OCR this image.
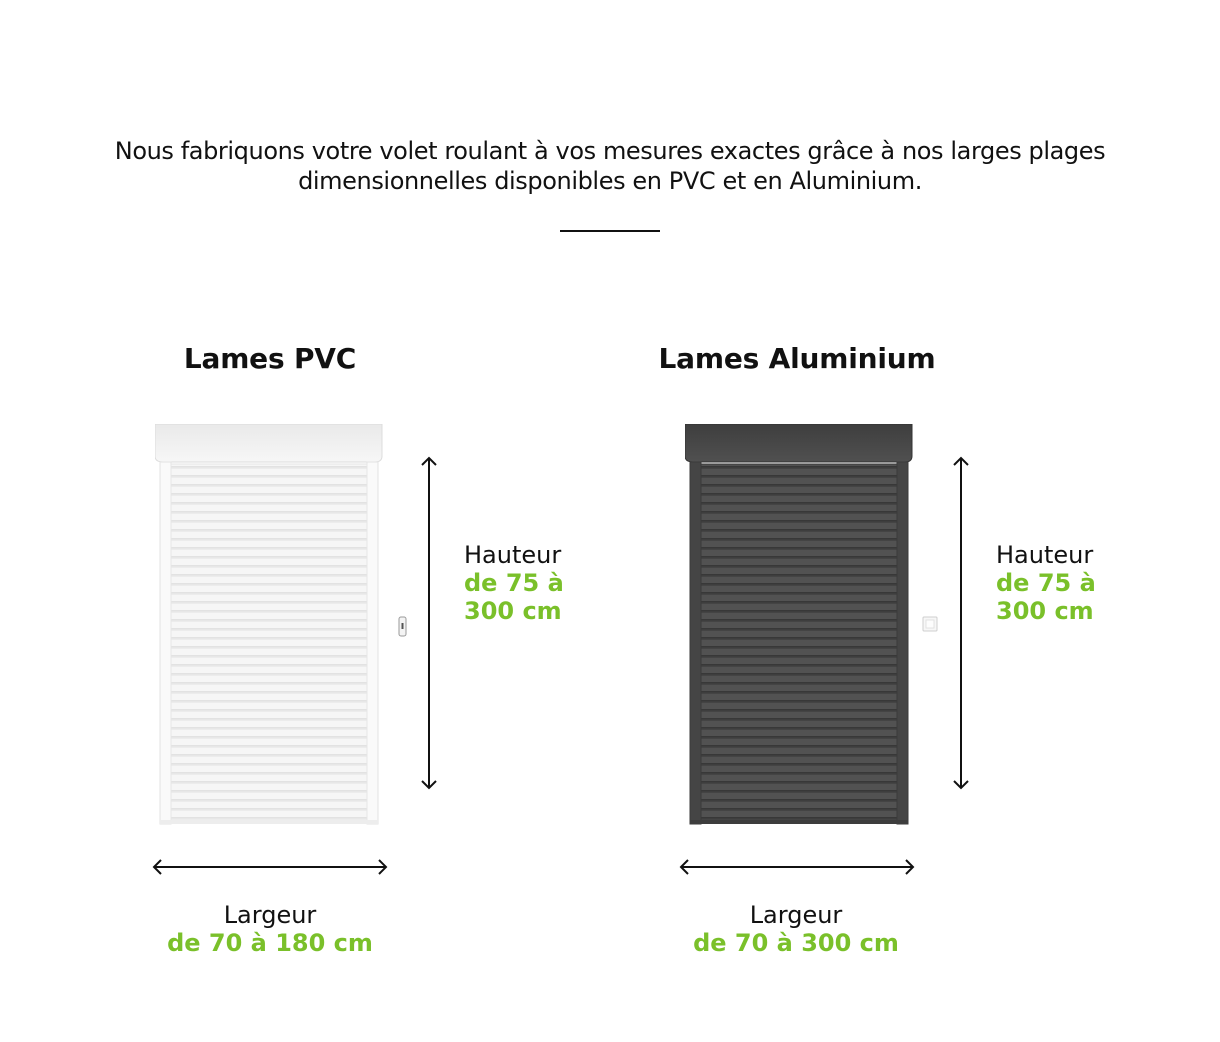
Nous fabriquons votre volet roulant à vos mesures exactes grâce à nos larges plages
dimensionnelles disponibles en PVC et en Aluminium.
Lames PVC
Hauteur
de 75 à
300 cm
Largeur
de 70 à 180 cm
Lames Aluminium
Hauteur
de 75 à
300 cm
Largeur
de 70 à 300 cm
